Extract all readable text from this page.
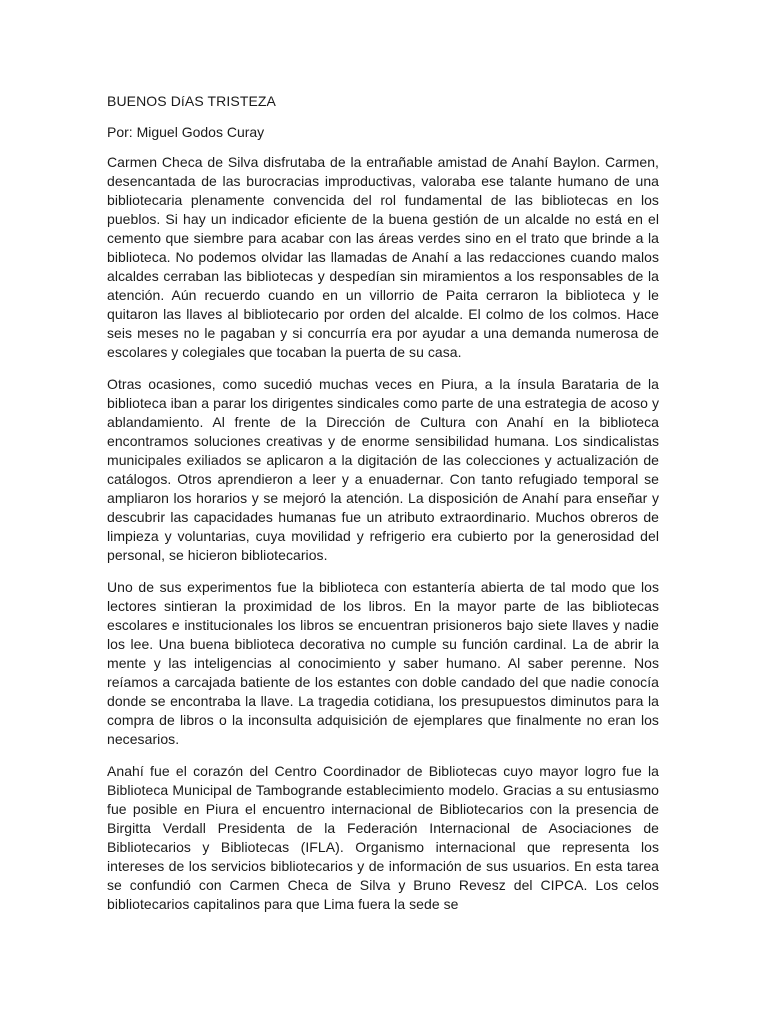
BUENOS DíAS TRISTEZA
Por: Miguel Godos Curay

Carmen Checa de Silva disfrutaba de la entrañable amistad de Anahí Baylon. Carmen, desencantada de las burocracias improductivas, valoraba ese talante humano de una bibliotecaria plenamente convencida del rol fundamental de las bibliotecas en los pueblos. Si hay un indicador eficiente de la buena gestión de un alcalde no está en el cemento que siembre para acabar con las áreas verdes sino en el trato que brinde a la biblioteca. No podemos olvidar las llamadas de Anahí a las redacciones cuando malos alcaldes cerraban las bibliotecas y despedían sin miramientos a los responsables de la atención. Aún recuerdo cuando en un villorrio de Paita cerraron la biblioteca y le quitaron las llaves al bibliotecario por orden del alcalde. El colmo de los colmos. Hace seis meses no le pagaban y si concurría era por ayudar a una demanda numerosa de escolares y colegiales que tocaban la puerta de su casa.

Otras ocasiones, como sucedió muchas veces en Piura, a la ínsula Barataria de la biblioteca iban a parar los dirigentes sindicales como parte de una estrategia de acoso y ablandamiento. Al frente de la Dirección de Cultura con Anahí en la biblioteca encontramos soluciones creativas y de enorme sensibilidad humana. Los sindicalistas municipales exiliados se aplicaron a la digitación de las colecciones y actualización de catálogos. Otros aprendieron a leer y a enuadernar. Con tanto refugiado temporal se ampliaron los horarios y se mejoró la atención. La disposición de Anahí para enseñar y descubrir las capacidades humanas fue un atributo extraordinario. Muchos obreros de limpieza y voluntarias, cuya movilidad y refrigerio era cubierto por la generosidad del personal, se hicieron bibliotecarios.

Uno de sus experimentos fue la biblioteca con estantería abierta de tal modo que los lectores sintieran la proximidad de los libros. En la mayor parte de las bibliotecas escolares e institucionales los libros se encuentran prisioneros bajo siete llaves y nadie los lee. Una buena biblioteca decorativa no cumple su función cardinal. La de abrir la mente y las inteligencias al conocimiento y saber humano. Al saber perenne. Nos reíamos a carcajada batiente de los estantes con doble candado del que nadie conocía donde se encontraba la llave. La tragedia cotidiana, los presupuestos diminutos para la compra de libros o la inconsulta adquisición de ejemplares que finalmente no eran los necesarios.

Anahí fue el corazón del Centro Coordinador de Bibliotecas cuyo mayor logro fue la Biblioteca Municipal de Tambogrande establecimiento modelo. Gracias a su entusiasmo fue posible en Piura el encuentro internacional de Bibliotecarios con la presencia de Birgitta Verdall Presidenta de la Federación Internacional de Asociaciones de Bibliotecarios y Bibliotecas (IFLA). Organismo internacional que representa los intereses de los servicios bibliotecarios y de información de sus usuarios. En esta tarea se confundió con Carmen Checa de Silva y Bruno Revesz del CIPCA. Los celos bibliotecarios capitalinos para que Lima fuera la sede se
